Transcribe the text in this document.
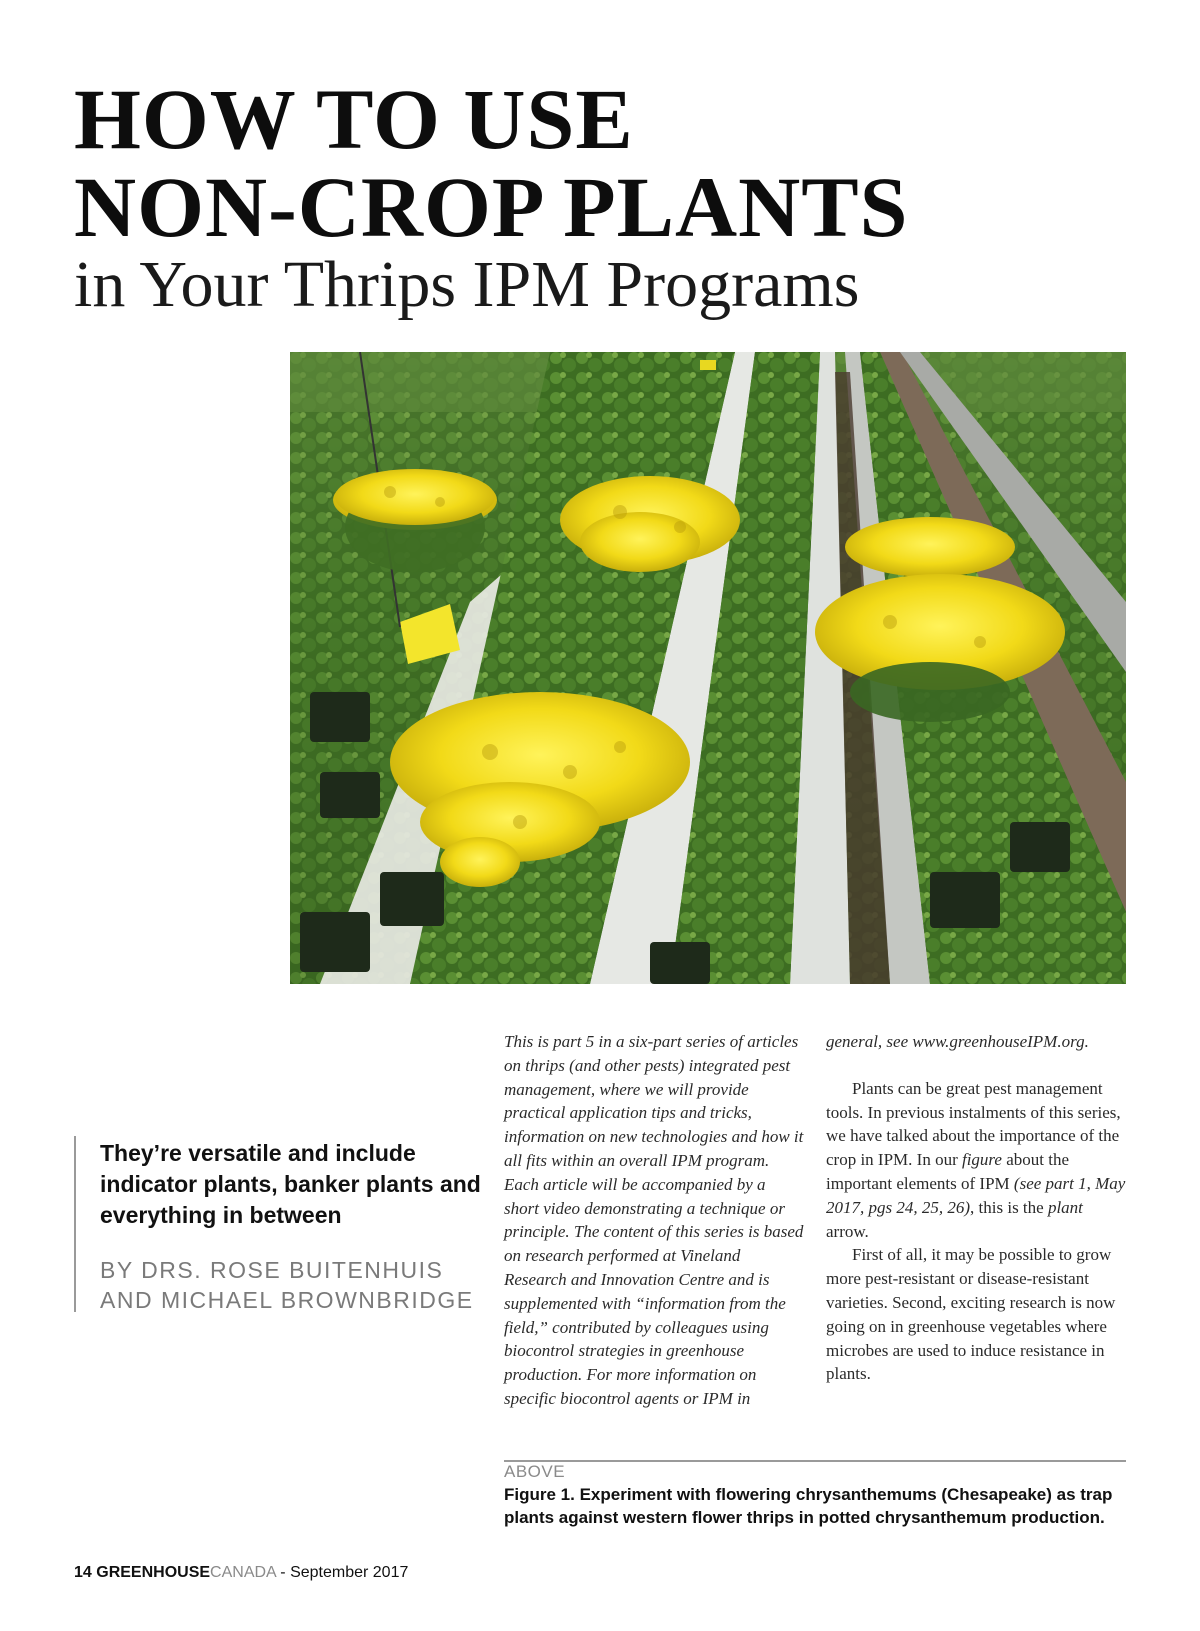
HOW TO USE
NON-CROP PLANTS
in Your Thrips IPM Programs

They’re versatile and include indicator plants, banker plants and everything in between

BY DRS. ROSE BUITENHUIS
AND MICHAEL BROWNBRIDGE

This is part 5 in a six-part series of articles on thrips (and other pests) integrated pest management, where we will provide practical application tips and tricks, information on new technologies and how it all fits within an overall IPM program. Each article will be accompanied by a short video demonstrating a technique or principle. The content of this series is based on research performed at Vineland Research and Innovation Centre and is supplemented with “information from the field,” contributed by colleagues using biocontrol strategies in greenhouse production. For more information on specific biocontrol agents or IPM in

general, see www.greenhouseIPM.org.

Plants can be great pest management tools. In previous instalments of this series, we have talked about the importance of the crop in IPM. In our figure about the important elements of IPM (see part 1, May 2017, pgs 24, 25, 26), this is the plant arrow.

First of all, it may be possible to grow more pest-resistant or disease-resistant varieties. Second, exciting research is now going on in greenhouse vegetables where microbes are used to induce resistance in plants.

ABOVE
Figure 1. Experiment with flowering chrysanthemums (Chesapeake) as trap plants against western flower thrips in potted chrysanthemum production.
14 GREENHOUSECANADA - September 2017
